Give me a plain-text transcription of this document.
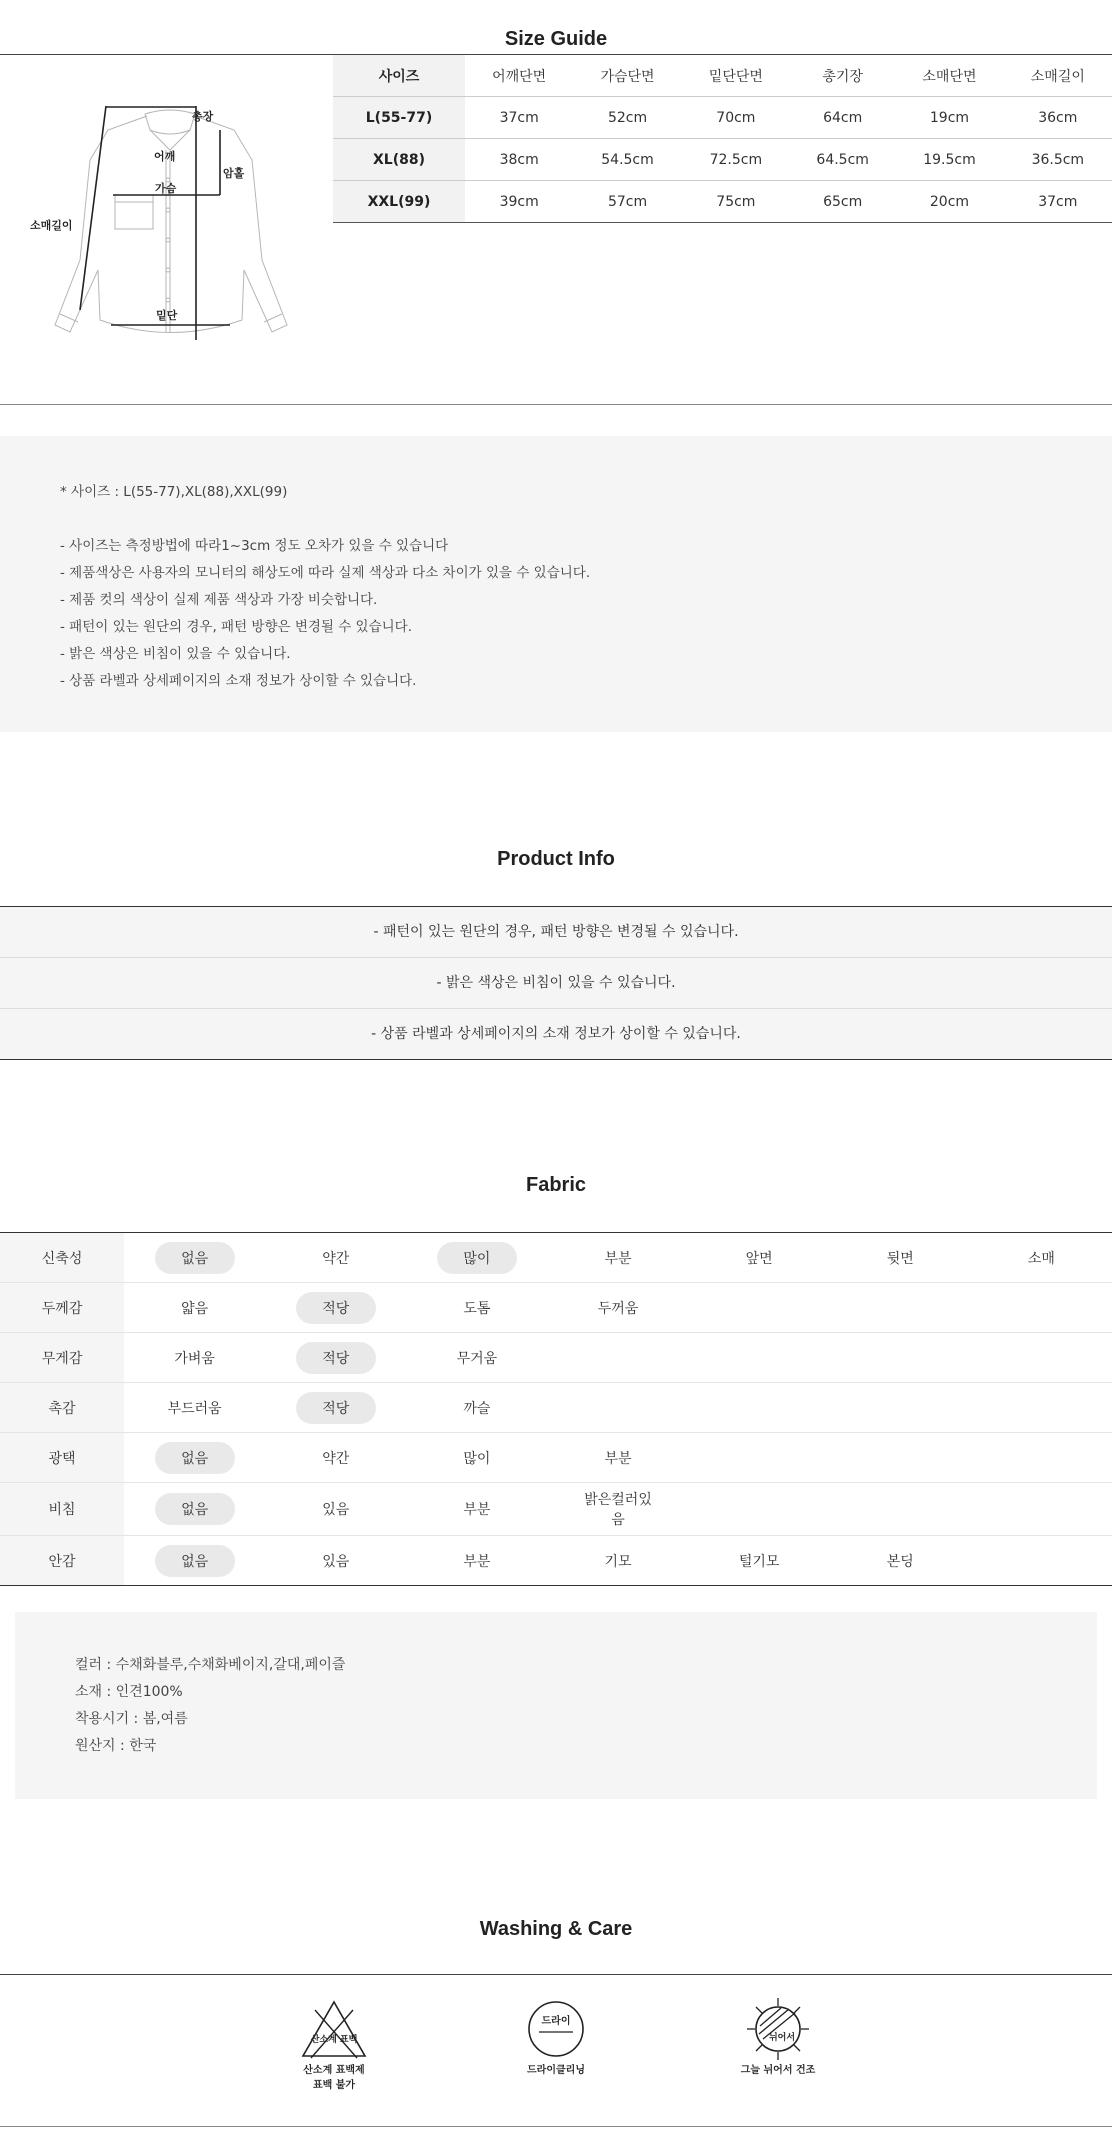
Size Guide
총장
어깨
암홀
가슴
소매길이
밑단
사이즈	어깨단면	가슴단면	밑단단면	총기장	소매단면	소매길이
L(55-77)	37cm	52cm	70cm	64cm	19cm	36cm
XL(88)	38cm	54.5cm	72.5cm	64.5cm	19.5cm	36.5cm
XXL(99)	39cm	57cm	75cm	65cm	20cm	37cm
* 사이즈 : L(55-77),XL(88),XXL(99)
- 사이즈는 측정방법에 따라1~3cm 정도 오차가 있을 수 있습니다
- 제품색상은 사용자의 모니터의 해상도에 따라 실제 색상과 다소 차이가 있을 수 있습니다.
- 제품 컷의 색상이 실제 제품 색상과 가장 비슷합니다.
- 패턴이 있는 원단의 경우, 패턴 방향은 변경될 수 있습니다.
- 밝은 색상은 비침이 있을 수 있습니다.
- 상품 라벨과 상세페이지의 소재 정보가 상이할 수 있습니다.
Product Info
- 패턴이 있는 원단의 경우, 패턴 방향은 변경될 수 있습니다.
- 밝은 색상은 비침이 있을 수 있습니다.
- 상품 라벨과 상세페이지의 소재 정보가 상이할 수 있습니다.
Fabric
신축성	없음	약간	많이	부분	앞면	뒷면	소매
두께감	얇음	적당	도톰	두꺼움			
무게감	가벼움	적당	무거움				
촉감	부드러움	적당	까슬				
광택	없음	약간	많이	부분			
비침	없음	있음	부분	밝은컬러있음			
안감	없음	있음	부분	기모	털기모	본딩	
컬러 : 수채화블루,수채화베이지,갈대,페이즐
소재 : 인견100%
착용시기 : 봄,여름
원산지 : 한국
Washing & Care
산소계 표백
산소계 표백제
표백 불가
드라이
드라이클리닝
뉘어서
그늘 뉘어서 건조
